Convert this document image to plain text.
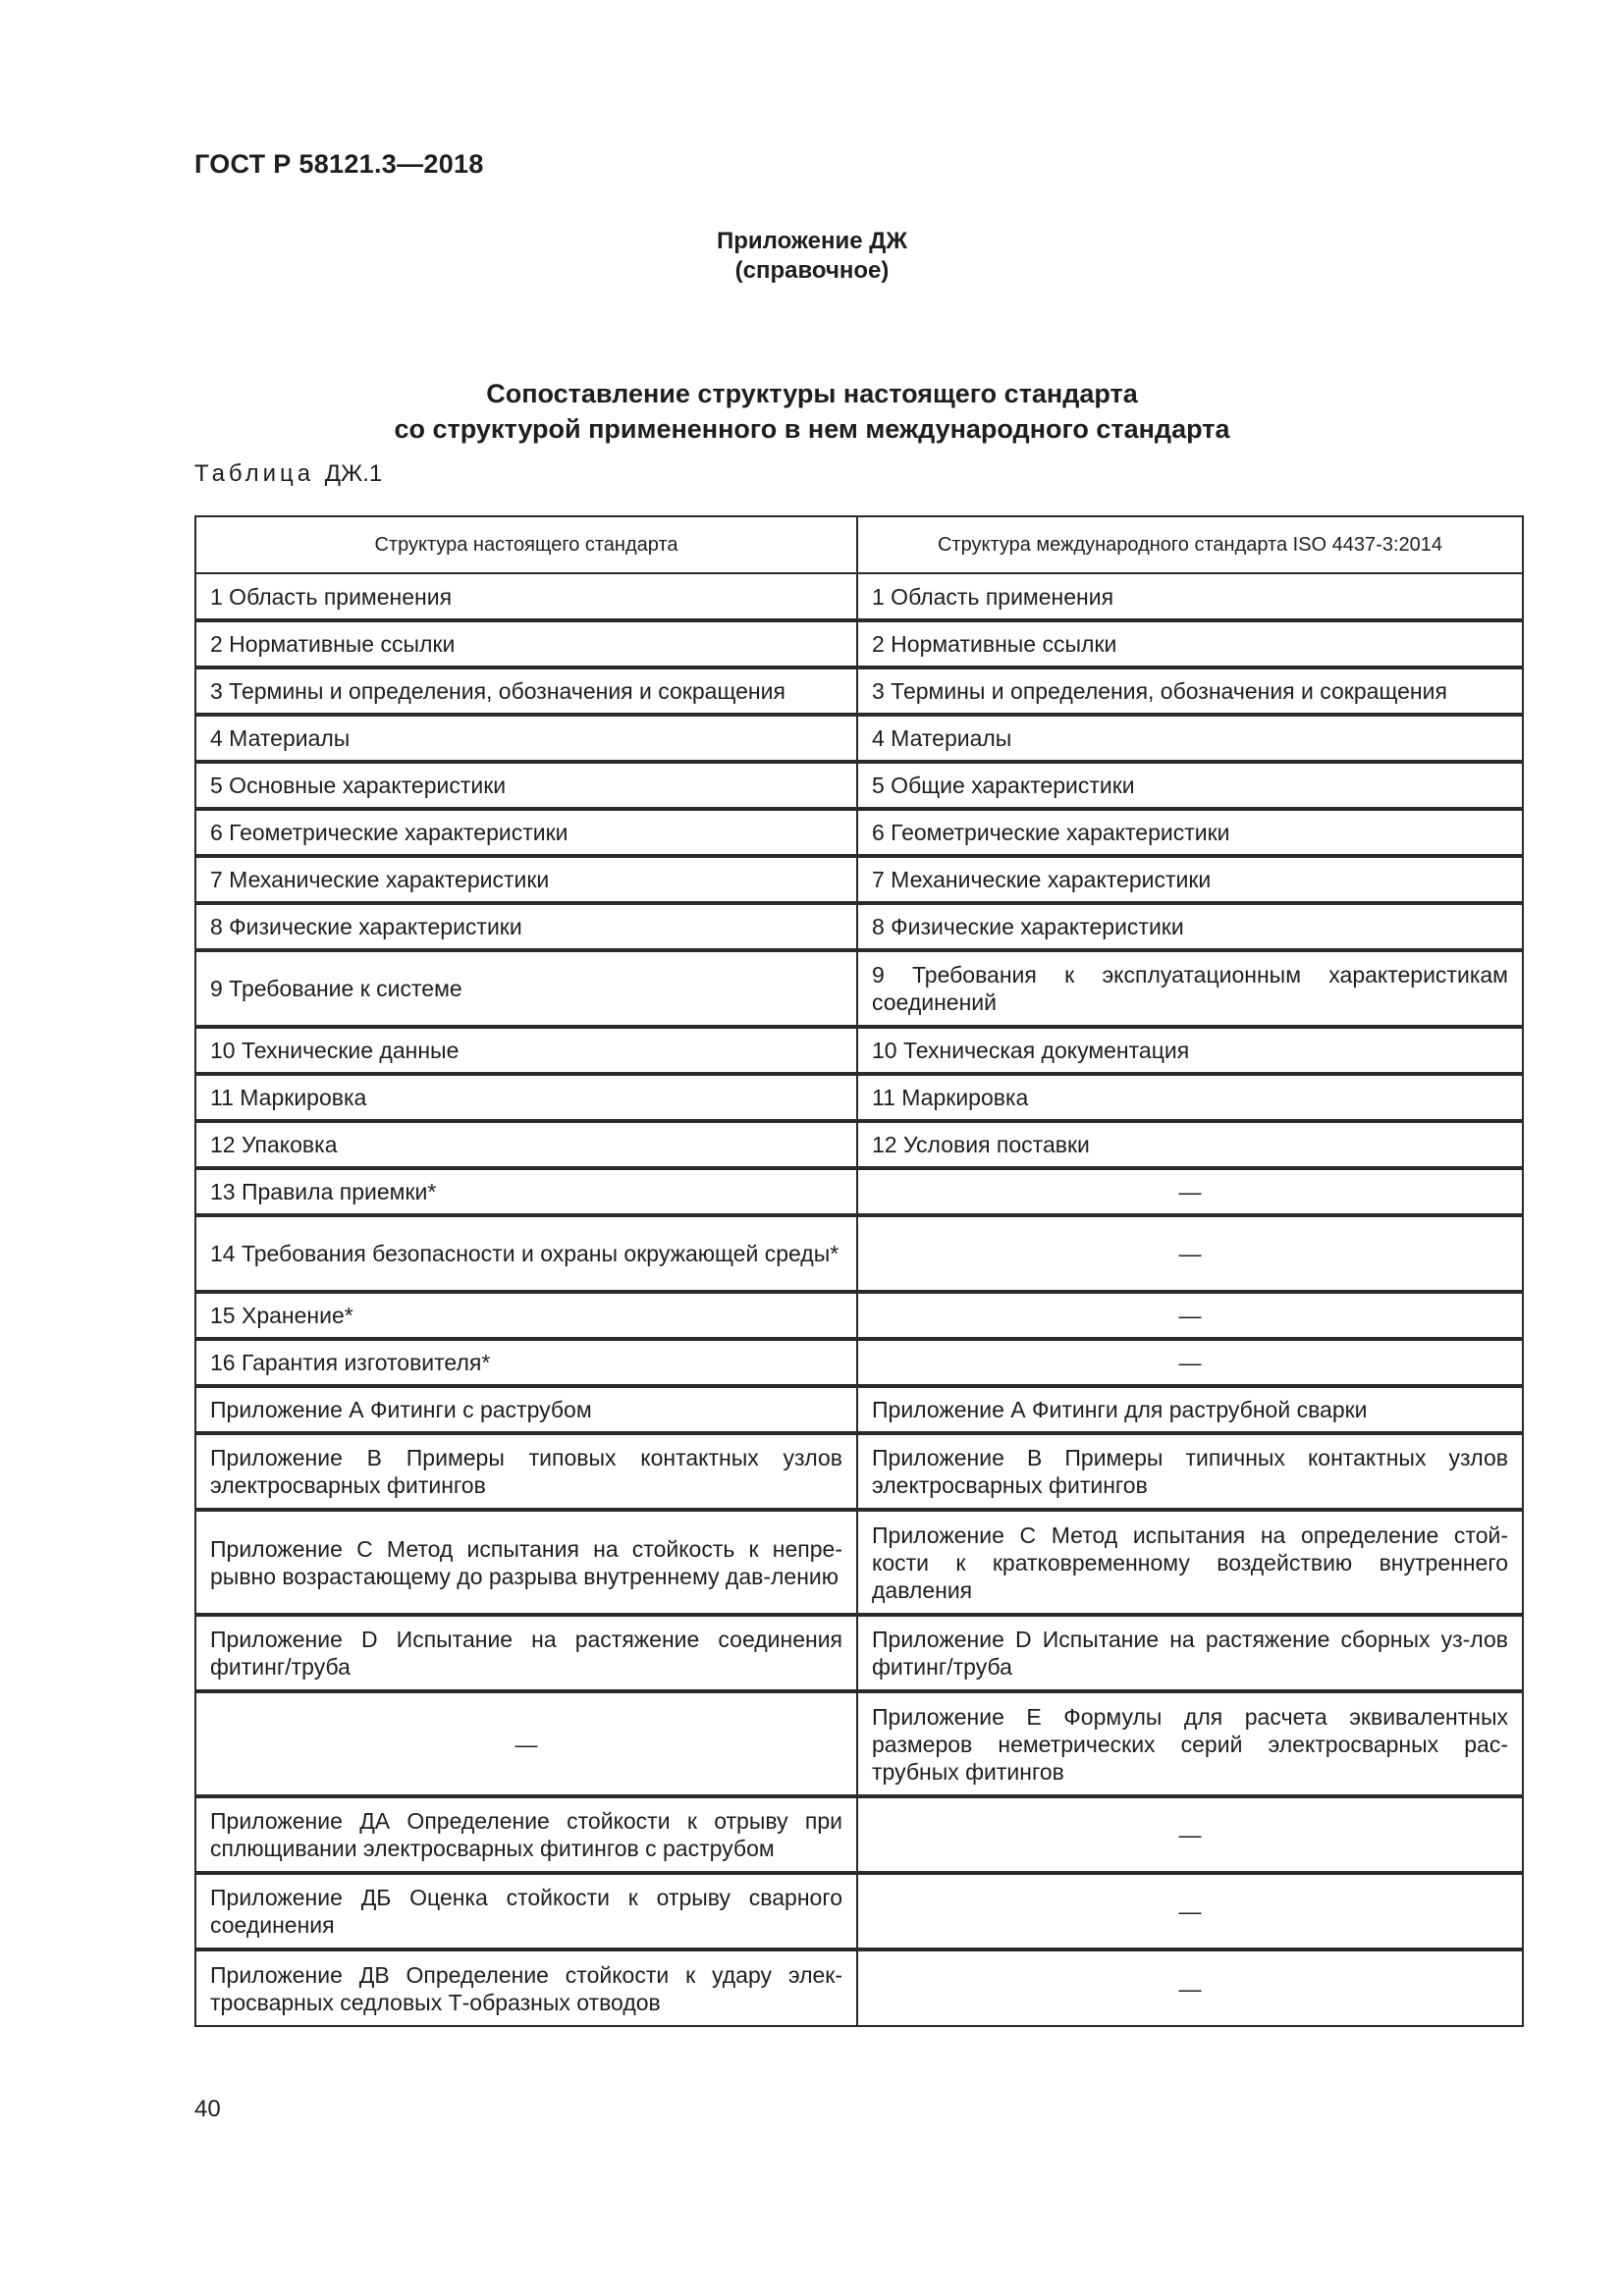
ГОСТ Р 58121.3—2018
Приложение ДЖ
(справочное)
Сопоставление структуры настоящего стандарта
со структурой примененного в нем международного стандарта
Таблица ДЖ.1
Структура настоящего стандарта	Структура международного стандарта ISO 4437-3:2014
1 Область применения	1 Область применения
2 Нормативные ссылки	2 Нормативные ссылки
3 Термины и определения, обозначения и сокращения	3 Термины и определения, обозначения и сокращения
4 Материалы	4 Материалы
5 Основные характеристики	5 Общие характеристики
6 Геометрические характеристики	6 Геометрические характеристики
7 Механические характеристики	7 Механические характеристики
8 Физические характеристики	8 Физические характеристики
9 Требование к системе	9 Требования к эксплуатационным характеристикам соединений
10 Технические данные	10 Техническая документация
11 Маркировка	11 Маркировка
12 Упаковка	12 Условия поставки
13 Правила приемки*	—
14 Требования безопасности и охраны окружающей среды*	—
15 Хранение*	—
16 Гарантия изготовителя*	—
Приложение А Фитинги с раструбом	Приложение А Фитинги для раструбной сварки
Приложение В Примеры типовых контактных узлов электросварных фитингов	Приложение В Примеры типичных контактных узлов электросварных фитингов
Приложение С Метод испытания на стойкость к непре-рывно возрастающему до разрыва внутреннему дав-лению	Приложение С Метод испытания на определение стой-кости к кратковременному воздействию внутреннего давления
Приложение D Испытание на растяжение соединения фитинг/труба	Приложение D Испытание на растяжение сборных уз-лов фитинг/труба
—	Приложение Е Формулы для расчета эквивалентных размеров неметрических серий электросварных рас-трубных фитингов
Приложение ДА Определение стойкости к отрыву при сплющивании электросварных фитингов с раструбом	—
Приложение ДБ Оценка стойкости к отрыву сварного соединения	—
Приложение ДВ Определение стойкости к удару элек-тросварных седловых Т-образных отводов	—
40
